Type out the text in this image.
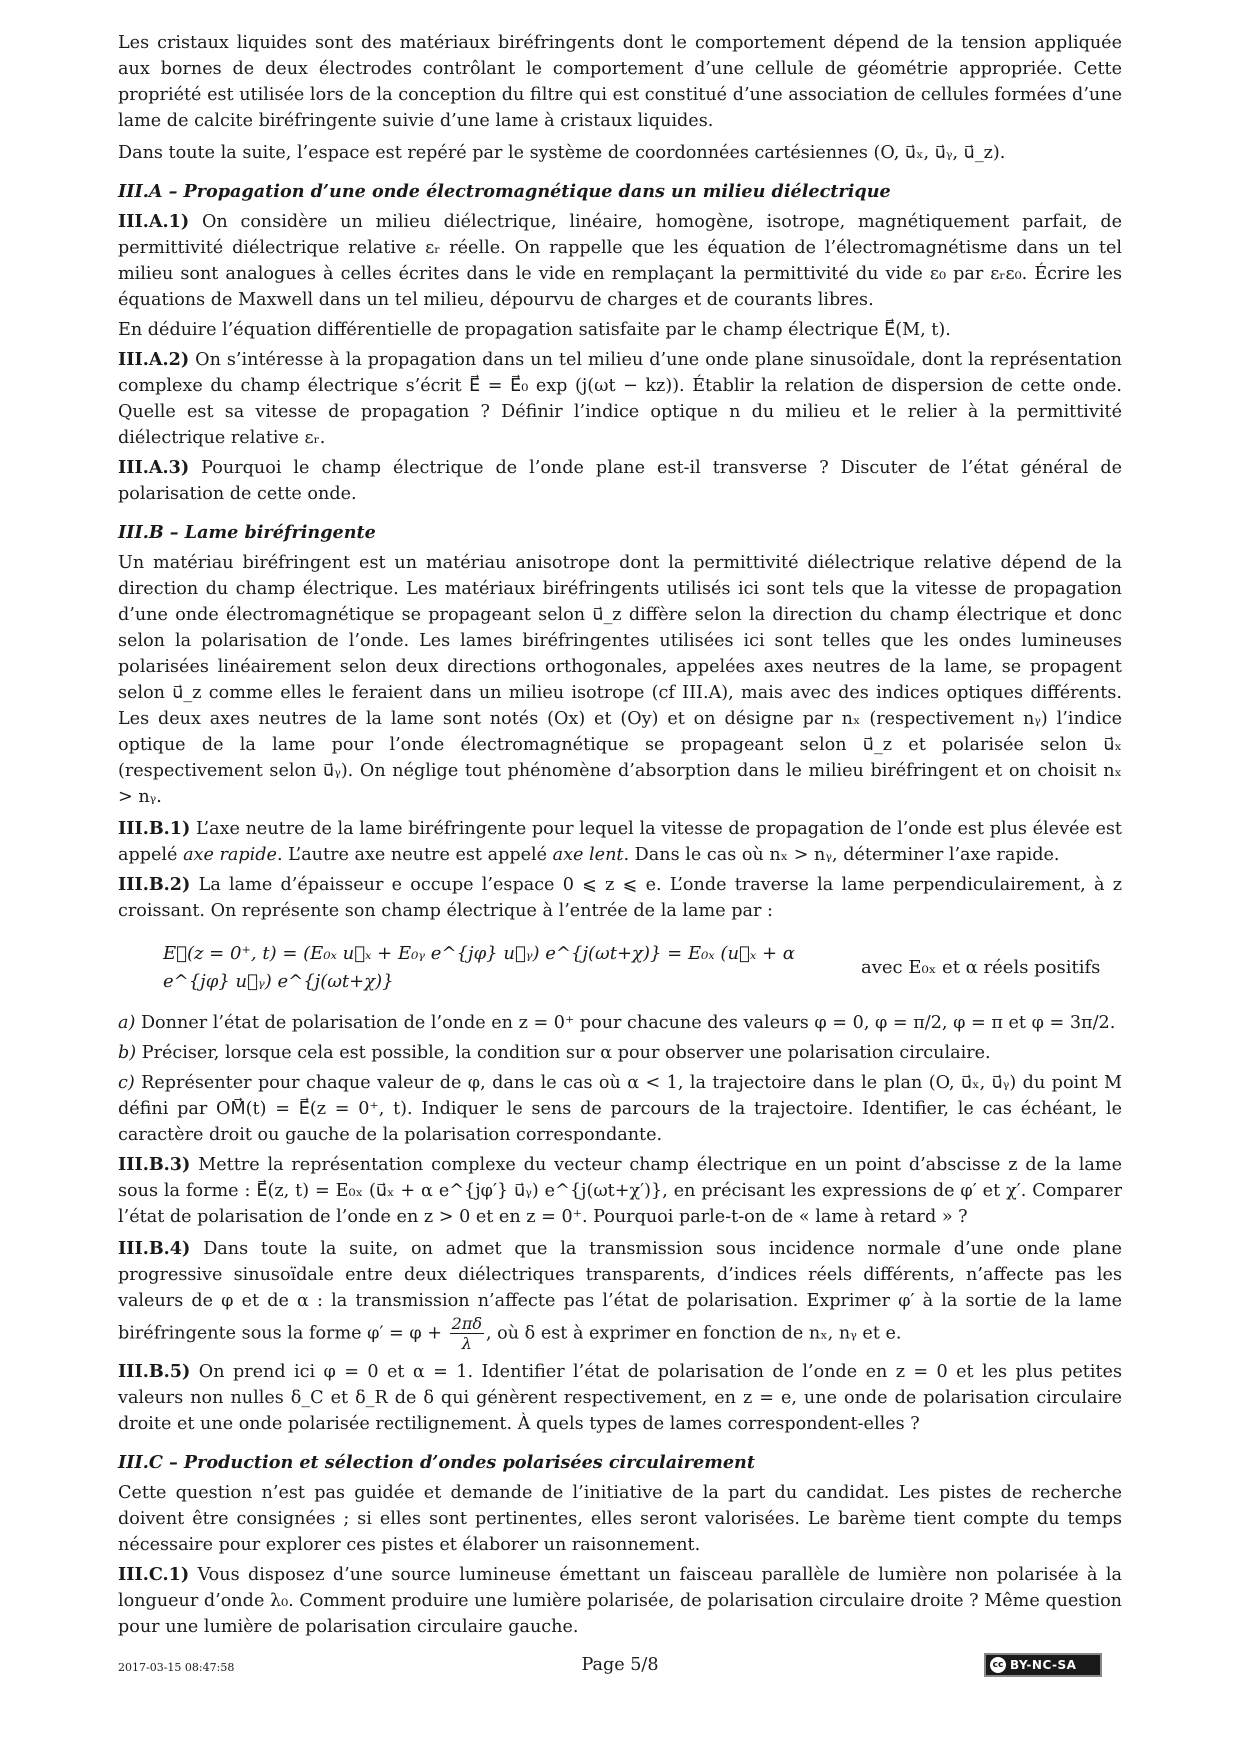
Les cristaux liquides sont des matériaux biréfringents dont le comportement dépend de la tension appliquée aux bornes de deux électrodes contrôlant le comportement d’une cellule de géométrie appropriée. Cette propriété est utilisée lors de la conception du filtre qui est constitué d’une association de cellules formées d’une lame de calcite biréfringente suivie d’une lame à cristaux liquides.

Dans toute la suite, l’espace est repéré par le système de coordonnées cartésiennes (O, u⃗ₓ, u⃗ᵧ, u⃗_z).

III.A – Propagation d’une onde électromagnétique dans un milieu diélectrique

III.A.1) On considère un milieu diélectrique, linéaire, homogène, isotrope, magnétiquement parfait, de permittivité diélectrique relative εᵣ réelle. On rappelle que les équation de l’électromagnétisme dans un tel milieu sont analogues à celles écrites dans le vide en remplaçant la permittivité du vide ε₀ par εᵣε₀. Écrire les équations de Maxwell dans un tel milieu, dépourvu de charges et de courants libres.

En déduire l’équation différentielle de propagation satisfaite par le champ électrique E⃗(M, t).

III.A.2) On s’intéresse à la propagation dans un tel milieu d’une onde plane sinusoïdale, dont la représentation complexe du champ électrique s’écrit E⃗ = E⃗₀ exp (j(ωt − kz)). Établir la relation de dispersion de cette onde. Quelle est sa vitesse de propagation ? Définir l’indice optique n du milieu et le relier à la permittivité diélectrique relative εᵣ.

III.A.3) Pourquoi le champ électrique de l’onde plane est-il transverse ? Discuter de l’état général de polarisation de cette onde.

III.B – Lame biréfringente

Un matériau biréfringent est un matériau anisotrope dont la permittivité diélectrique relative dépend de la direction du champ électrique. Les matériaux biréfringents utilisés ici sont tels que la vitesse de propagation d’une onde électromagnétique se propageant selon u⃗_z diffère selon la direction du champ électrique et donc selon la polarisation de l’onde. Les lames biréfringentes utilisées ici sont telles que les ondes lumineuses polarisées linéairement selon deux directions orthogonales, appelées axes neutres de la lame, se propagent selon u⃗_z comme elles le feraient dans un milieu isotrope (cf III.A), mais avec des indices optiques différents. Les deux axes neutres de la lame sont notés (Ox) et (Oy) et on désigne par nₓ (respectivement nᵧ) l’indice optique de la lame pour l’onde électromagnétique se propageant selon u⃗_z et polarisée selon u⃗ₓ (respectivement selon u⃗ᵧ). On néglige tout phénomène d’absorption dans le milieu biréfringent et on choisit nₓ > nᵧ.

III.B.1) L’axe neutre de la lame biréfringente pour lequel la vitesse de propagation de l’onde est plus élevée est appelé axe rapide. L’autre axe neutre est appelé axe lent. Dans le cas où nₓ > nᵧ, déterminer l’axe rapide.

III.B.2) La lame d’épaisseur e occupe l’espace 0 ⩽ z ⩽ e. L’onde traverse la lame perpendiculairement, à z croissant. On représente son champ électrique à l’entrée de la lame par :

E⃗(z = 0⁺, t) = (E₀ₓ u⃗ₓ + E₀ᵧ e^{jφ} u⃗ᵧ) e^{j(ωt+χ)} = E₀ₓ (u⃗ₓ + α e^{jφ} u⃗ᵧ) e^{j(ωt+χ)}
avec E₀ₓ et α réels positifs

a) Donner l’état de polarisation de l’onde en z = 0⁺ pour chacune des valeurs φ = 0, φ = π/2, φ = π et φ = 3π/2.

b) Préciser, lorsque cela est possible, la condition sur α pour observer une polarisation circulaire.

c) Représenter pour chaque valeur de φ, dans le cas où α < 1, la trajectoire dans le plan (O, u⃗ₓ, u⃗ᵧ) du point M défini par OM⃗(t) = E⃗(z = 0⁺, t). Indiquer le sens de parcours de la trajectoire. Identifier, le cas échéant, le caractère droit ou gauche de la polarisation correspondante.

III.B.3) Mettre la représentation complexe du vecteur champ électrique en un point d’abscisse z de la lame sous la forme : E⃗(z, t) = E₀ₓ (u⃗ₓ + α e^{jφ′} u⃗ᵧ) e^{j(ωt+χ′)}, en précisant les expressions de φ′ et χ′. Comparer l’état de polarisation de l’onde en z > 0 et en z = 0⁺. Pourquoi parle-t-on de « lame à retard » ?

III.B.4) Dans toute la suite, on admet que la transmission sous incidence normale d’une onde plane progressive sinusoïdale entre deux diélectriques transparents, d’indices réels différents, n’affecte pas les valeurs de φ et de α : la transmission n’affecte pas l’état de polarisation. Exprimer φ′ à la sortie de la lame biréfringente sous la forme $\varphi' = \varphi + \frac{2\pi\delta}{\lambda}$ , où δ est à exprimer en fonction de nₓ, nᵧ et e.

III.B.5) On prend ici φ = 0 et α = 1. Identifier l’état de polarisation de l’onde en z = 0 et les plus petites valeurs non nulles δ_C et δ_R de δ qui génèrent respectivement, en z = e, une onde de polarisation circulaire droite et une onde polarisée rectilignement. À quels types de lames correspondent-elles ?

III.C – Production et sélection d’ondes polarisées circulairement

Cette question n’est pas guidée et demande de l’initiative de la part du candidat. Les pistes de recherche doivent être consignées ; si elles sont pertinentes, elles seront valorisées. Le barème tient compte du temps nécessaire pour explorer ces pistes et élaborer un raisonnement.

III.C.1) Vous disposez d’une source lumineuse émettant un faisceau parallèle de lumière non polarisée à la longueur d’onde λ₀. Comment produire une lumière polarisée, de polarisation circulaire droite ? Même question pour une lumière de polarisation circulaire gauche.

2017-03-15 08:47:58	Page 5/8	cc BY-NC-SA
